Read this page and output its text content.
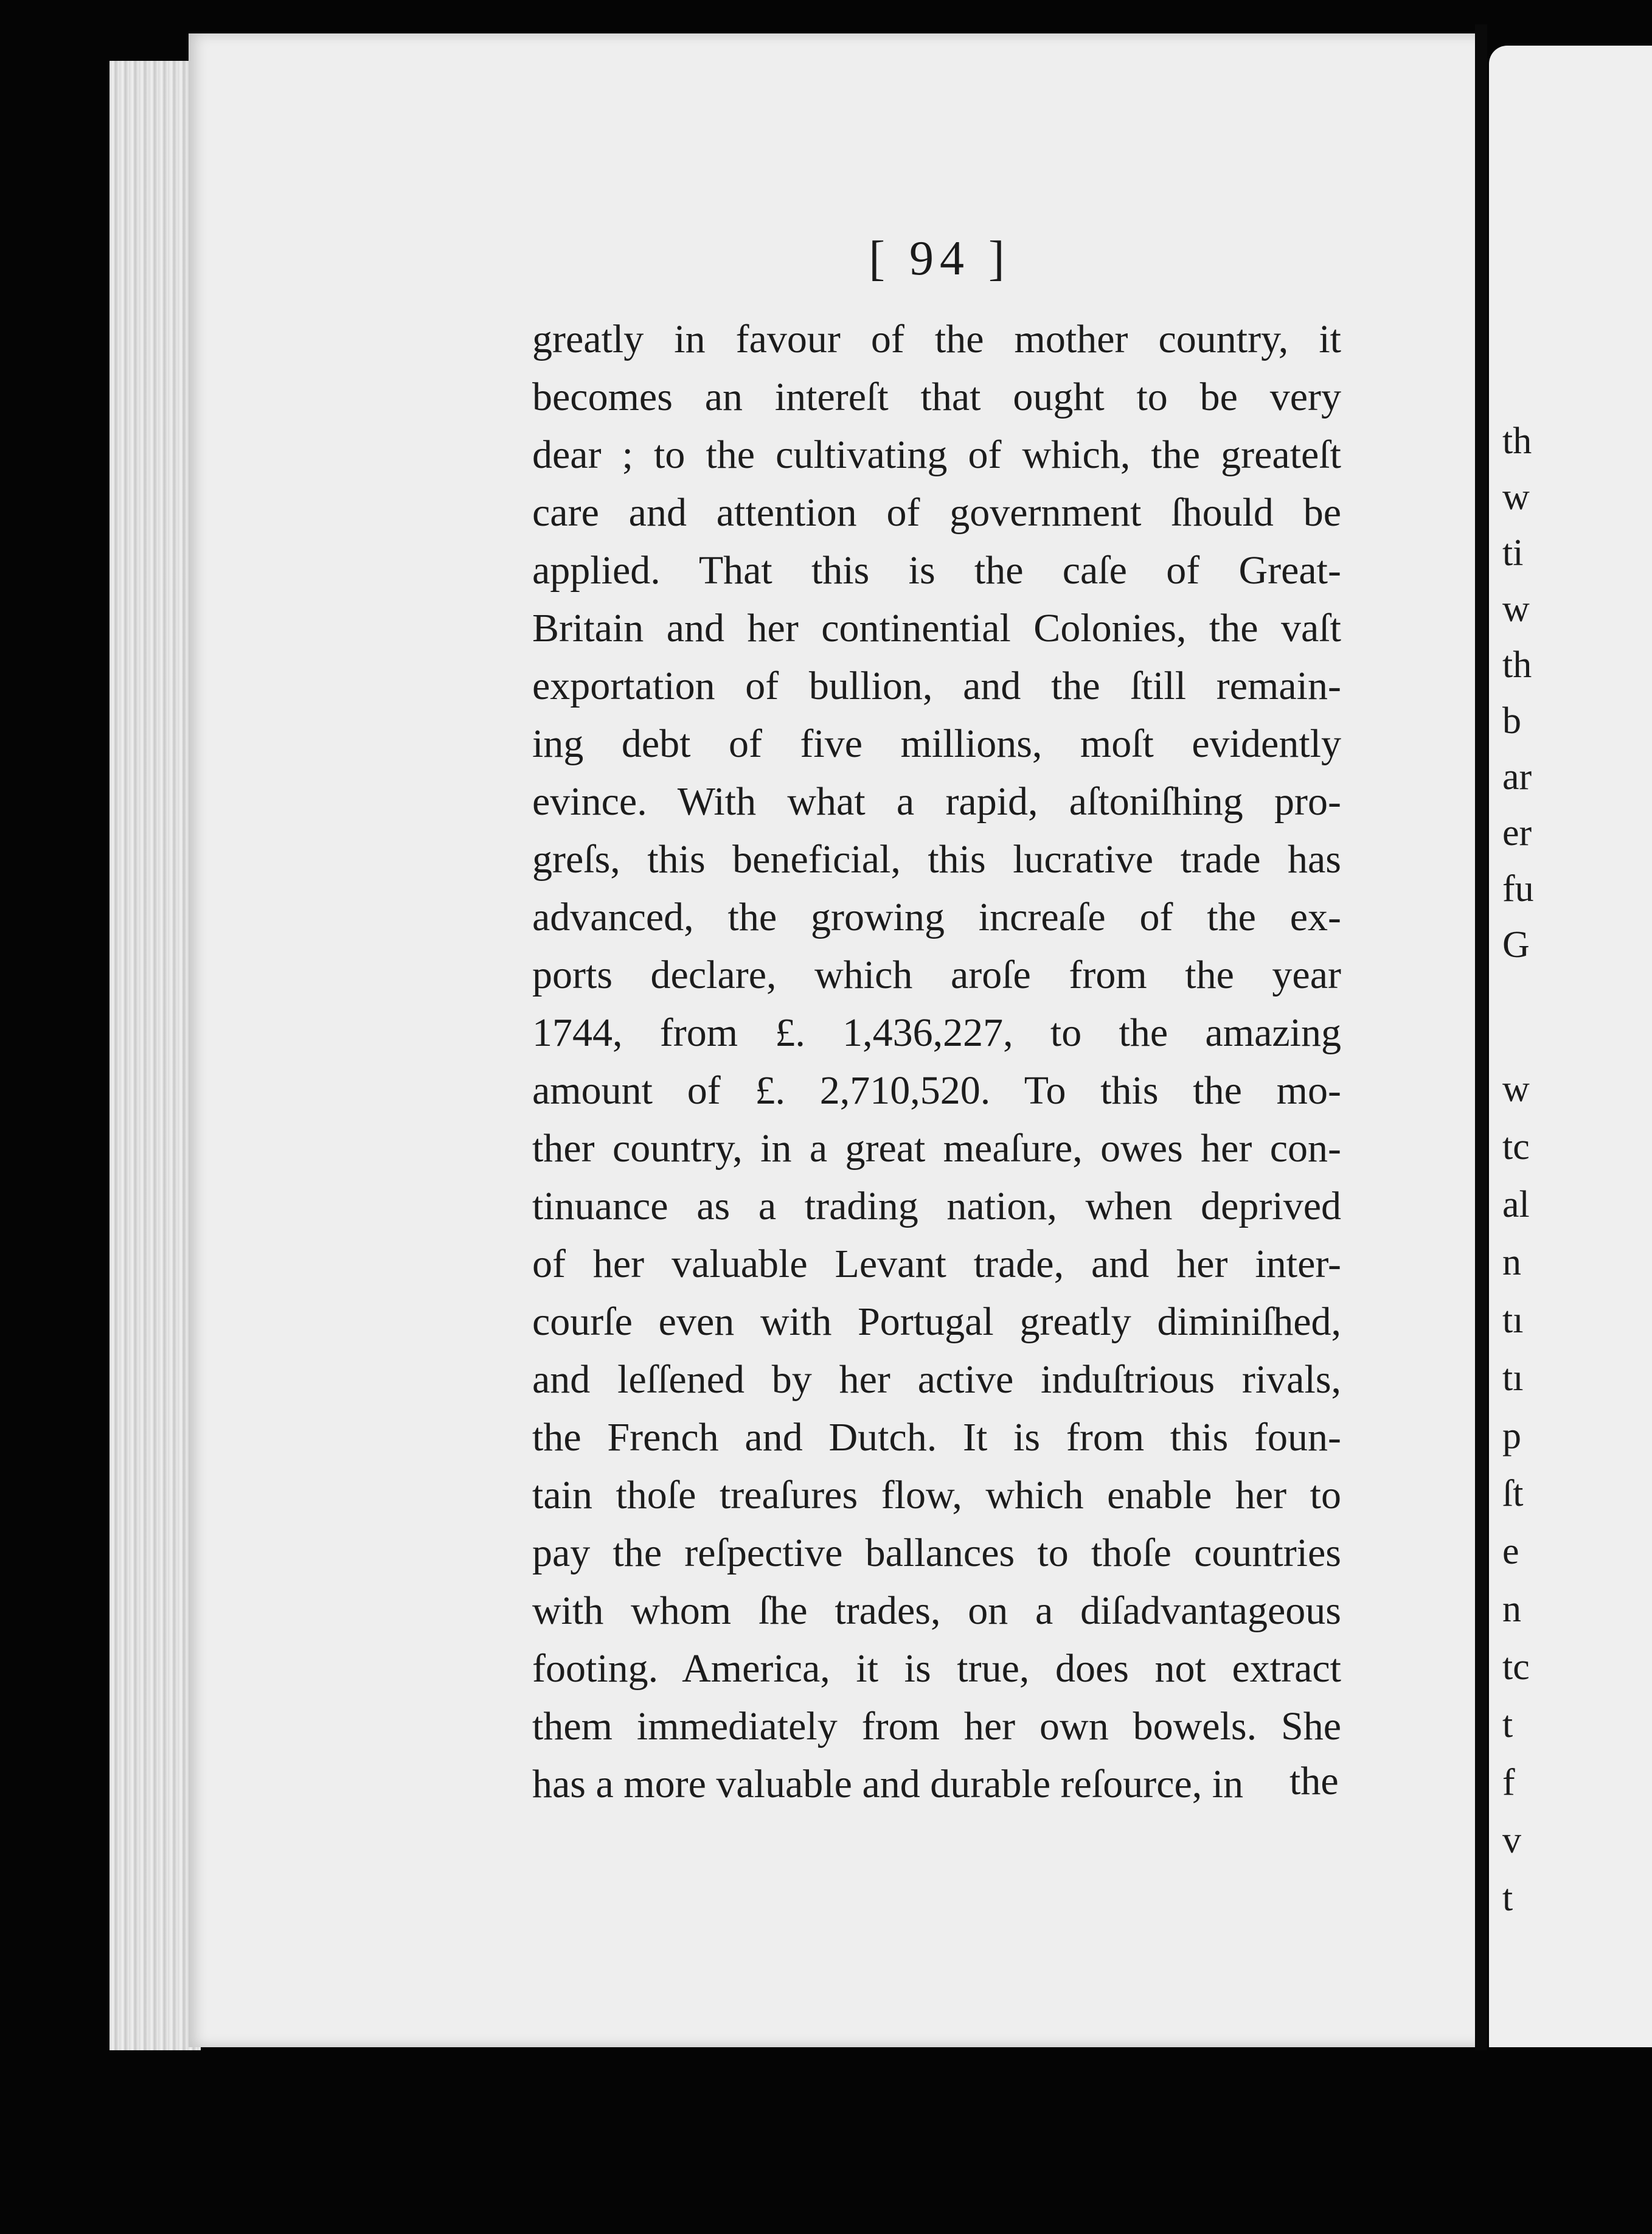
[ 94 ]
greatly in favour of the mother country, it
becomes an intereſt that ought to be very
dear ; to the cultivating of which, the greateſt
care and attention of government ſhould be
applied. That this is the caſe of Great-
Britain and her continential Colonies, the vaſt
exportation of bullion, and the ſtill remain-
ing debt of five millions, moſt evidently
evince. With what a rapid, aſtoniſhing pro-
greſs, this beneficial, this lucrative trade has
advanced, the growing increaſe of the ex-
ports declare, which aroſe from the year
1744, from £. 1,436,227, to the amazing
amount of £. 2,710,520. To this the mo-
ther country, in a great meaſure, owes her con-
tinuance as a trading nation, when deprived
of her valuable Levant trade, and her inter-
courſe even with Portugal greatly diminiſhed,
and leſſened by her active induſtrious rivals,
the French and Dutch. It is from this foun-
tain thoſe treaſures flow, which enable her to
pay the reſpective ballances to thoſe countries
with whom ſhe trades, on a diſadvantageous
footing. America, it is true, does not extract
them immediately from her own bowels. She
has a more valuable and durable reſource, in	the
th
w
ti
w
th
b
ar
er
fu
G
w
tc
al
n
tı
tı
p
ſt
e
n
tc
t
f
v
t
